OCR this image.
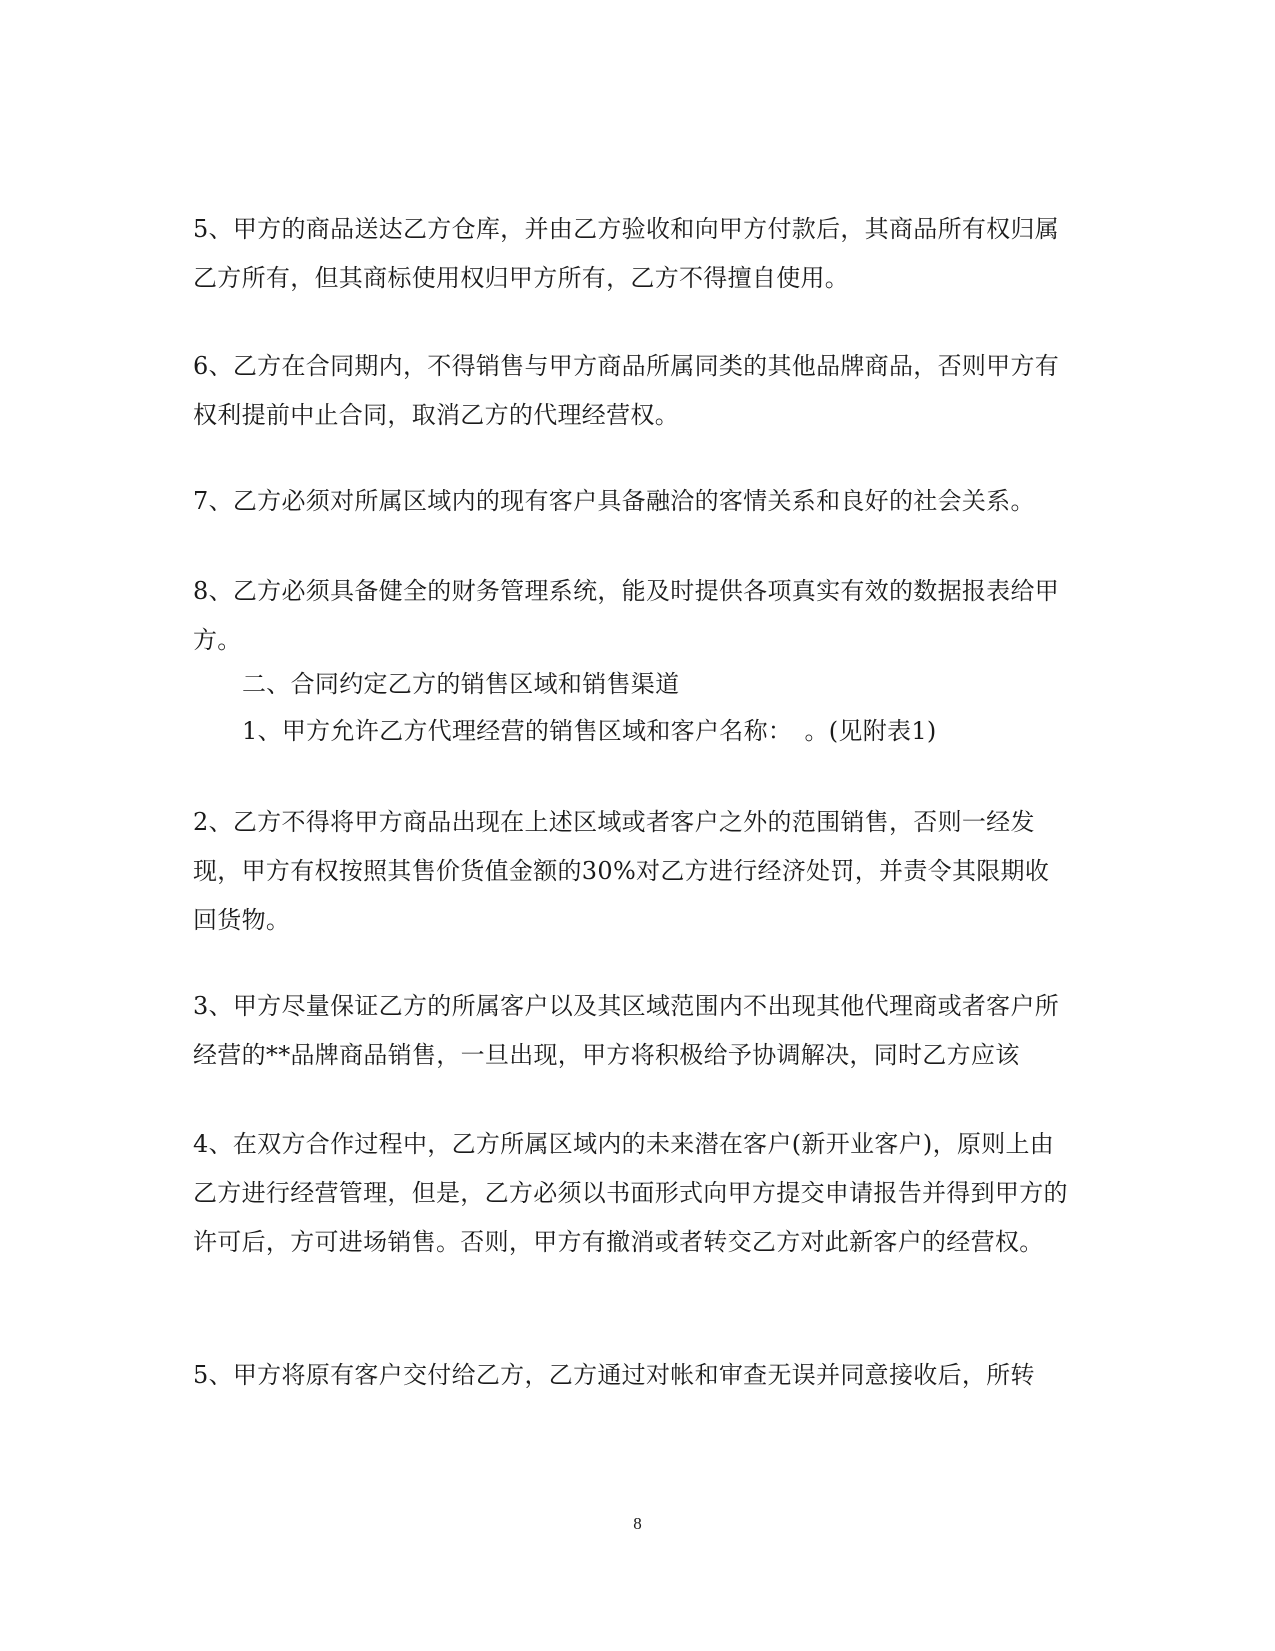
5、甲方的商品送达乙方仓库，并由乙方验收和向甲方付款后，其商品所有权归属乙方所有，但其商标使用权归甲方所有，乙方不得擅自使用。

6、乙方在合同期内，不得销售与甲方商品所属同类的其他品牌商品，否则甲方有权利提前中止合同，取消乙方的代理经营权。

7、乙方必须对所属区域内的现有客户具备融洽的客情关系和良好的社会关系。

8、乙方必须具备健全的财务管理系统，能及时提供各项真实有效的数据报表给甲方。

二、合同约定乙方的销售区域和销售渠道

1、甲方允许乙方代理经营的销售区域和客户名称：　。(见附表1)

2、乙方不得将甲方商品出现在上述区域或者客户之外的范围销售，否则一经发现，甲方有权按照其售价货值金额的30%对乙方进行经济处罚，并责令其限期收回货物。

3、甲方尽量保证乙方的所属客户以及其区域范围内不出现其他代理商或者客户所经营的**品牌商品销售，一旦出现，甲方将积极给予协调解决，同时乙方应该

4、在双方合作过程中，乙方所属区域内的未来潜在客户(新开业客户)，原则上由乙方进行经营管理，但是，乙方必须以书面形式向甲方提交申请报告并得到甲方的许可后，方可进场销售。否则，甲方有撤消或者转交乙方对此新客户的经营权。

5、甲方将原有客户交付给乙方，乙方通过对帐和审查无误并同意接收后，所转

8
